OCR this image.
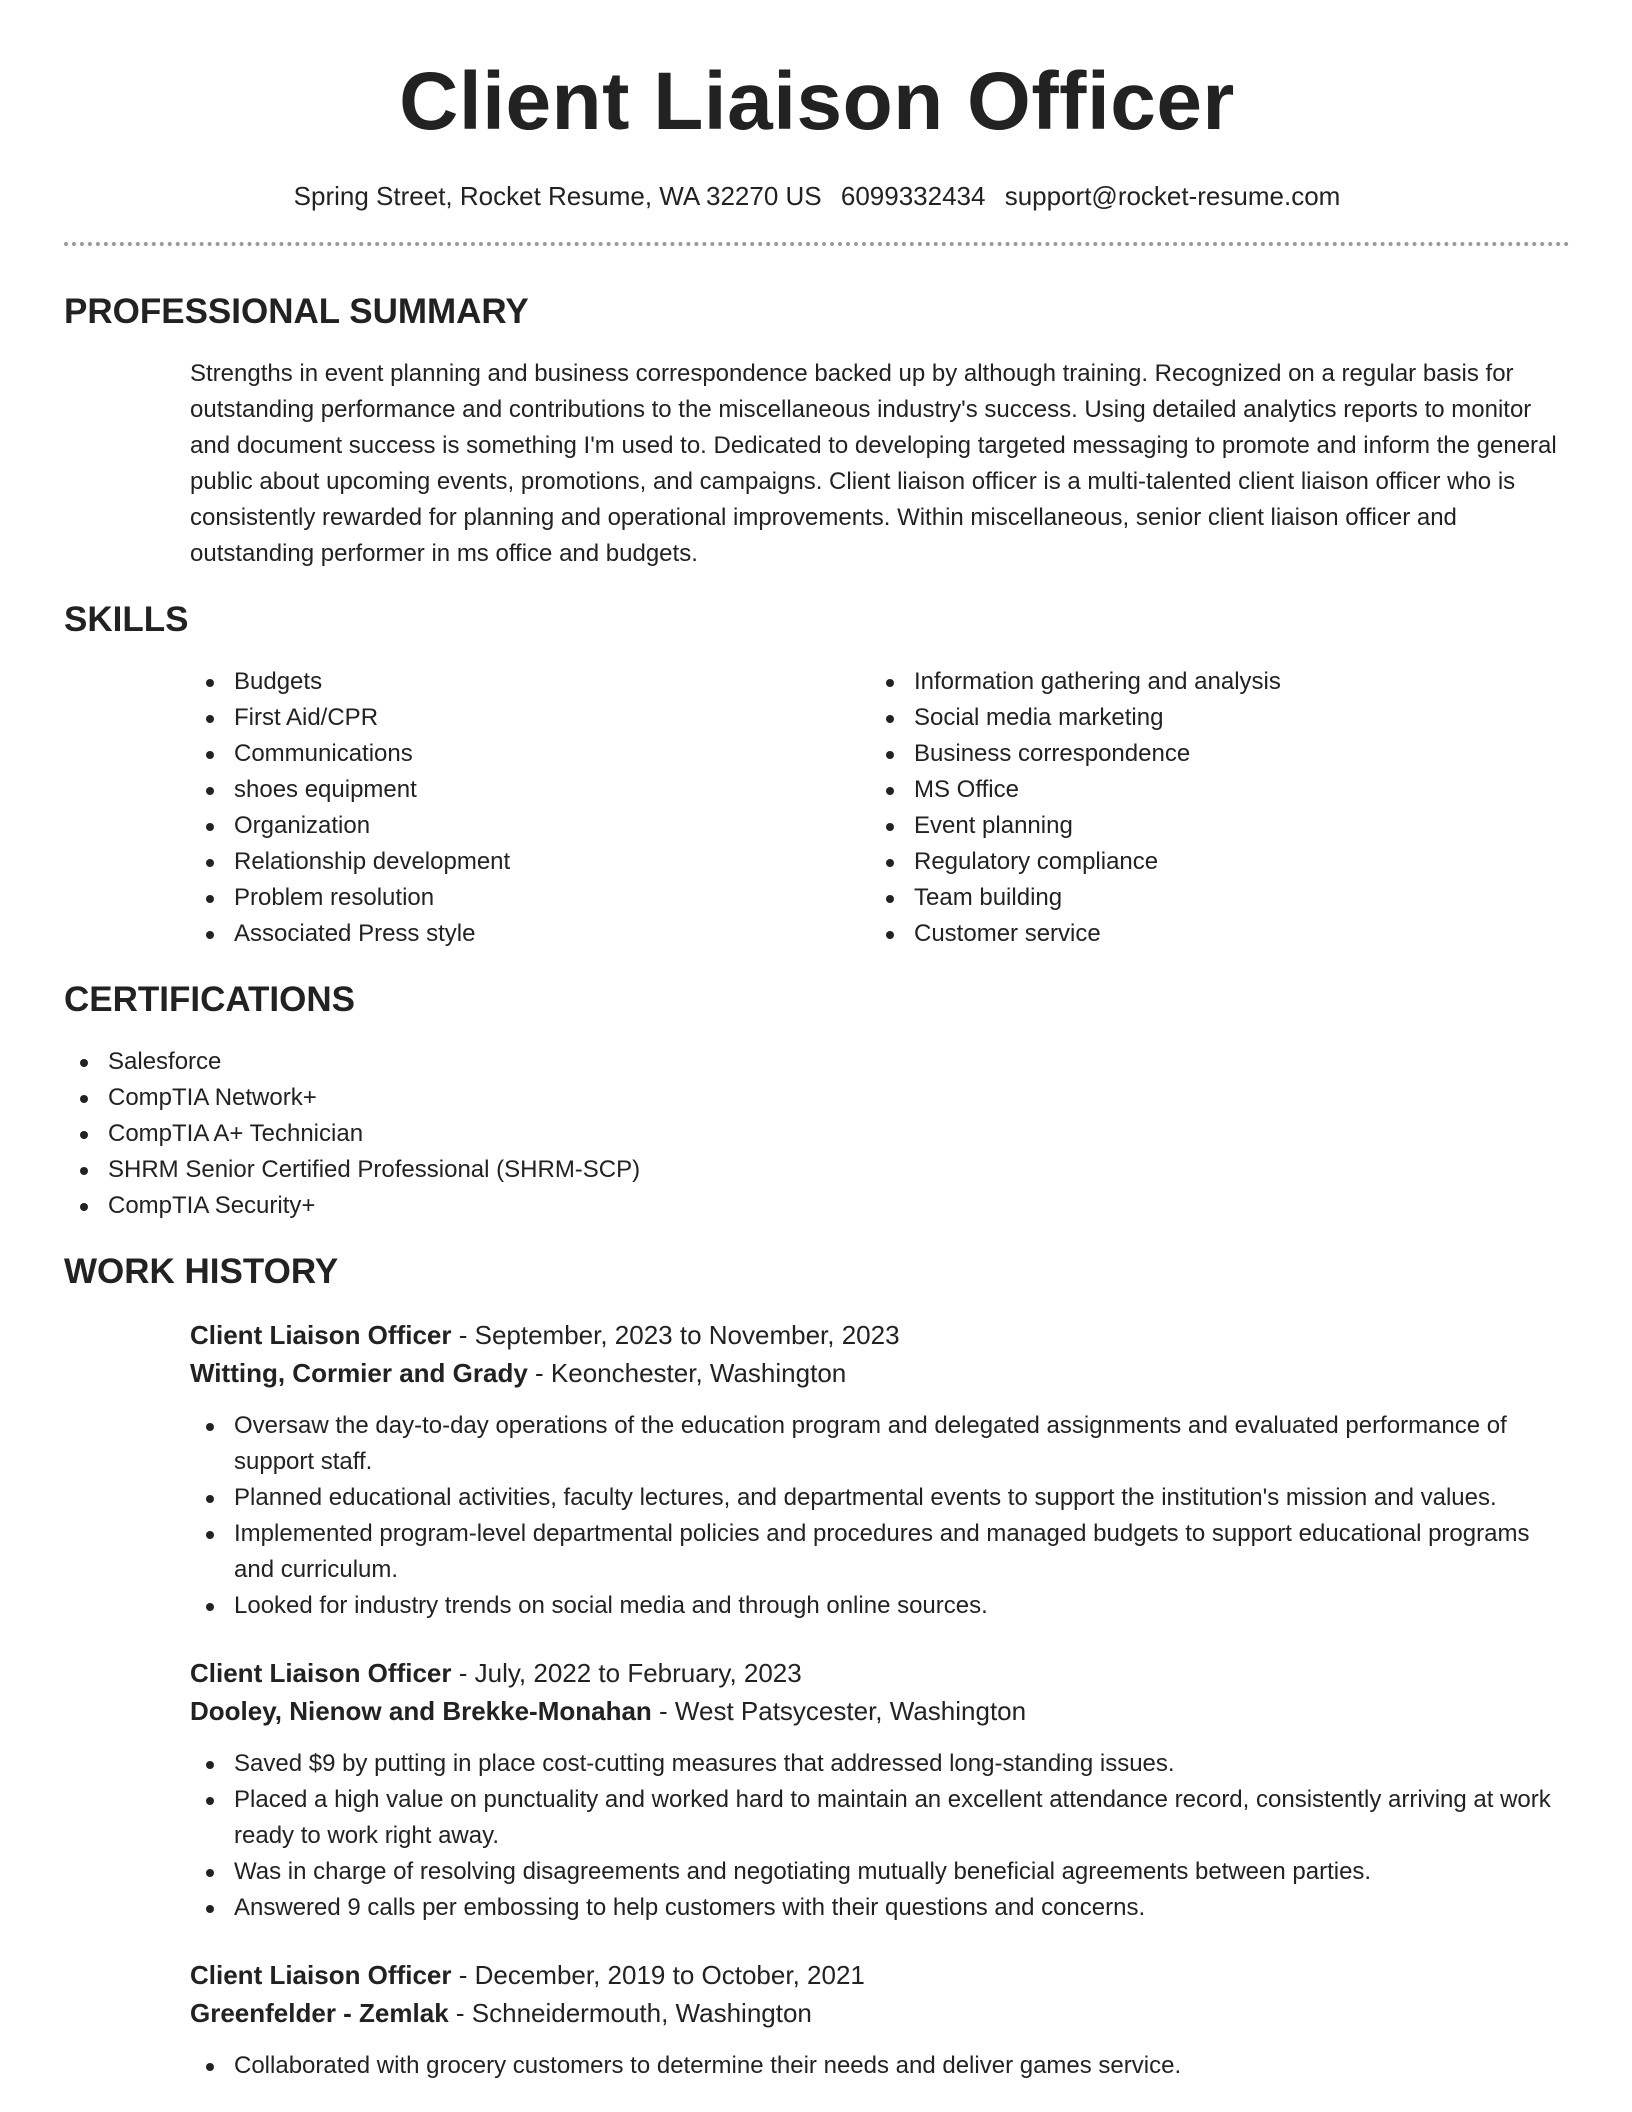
Client Liaison Officer
Spring Street, Rocket Resume, WA 32270 US 6099332434 support@rocket-resume.com
PROFESSIONAL SUMMARY

Strengths in event planning and business correspondence backed up by although training. Recognized on a regular basis for outstanding performance and contributions to the miscellaneous industry's success. Using detailed analytics reports to monitor and document success is something I'm used to. Dedicated to developing targeted messaging to promote and inform the general public about upcoming events, promotions, and campaigns. Client liaison officer is a multi-talented client liaison officer who is consistently rewarded for planning and operational improvements. Within miscellaneous, senior client liaison officer and outstanding performer in ms office and budgets.

SKILLS
Budgets
First Aid/CPR
Communications
shoes equipment
Organization
Relationship development
Problem resolution
Associated Press style
Information gathering and analysis
Social media marketing
Business correspondence
MS Office
Event planning
Regulatory compliance
Team building
Customer service
CERTIFICATIONS
Salesforce
CompTIA Network+
CompTIA A+ Technician
SHRM Senior Certified Professional (SHRM-SCP)
CompTIA Security+
WORK HISTORY

Client Liaison Officer - September, 2023 to November, 2023

Witting, Cormier and Grady - Keonchester, Washington

Oversaw the day-to-day operations of the education program and delegated assignments and evaluated performance of support staff.
Planned educational activities, faculty lectures, and departmental events to support the institution's mission and values.
Implemented program-level departmental policies and procedures and managed budgets to support educational programs and curriculum.
Looked for industry trends on social media and through online sources.

Client Liaison Officer - July, 2022 to February, 2023

Dooley, Nienow and Brekke-Monahan - West Patsycester, Washington

Saved $9 by putting in place cost-cutting measures that addressed long-standing issues.
Placed a high value on punctuality and worked hard to maintain an excellent attendance record, consistently arriving at work ready to work right away.
Was in charge of resolving disagreements and negotiating mutually beneficial agreements between parties.
Answered 9 calls per embossing to help customers with their questions and concerns.

Client Liaison Officer - December, 2019 to October, 2021

Greenfelder - Zemlak - Schneidermouth, Washington

Collaborated with grocery customers to determine their needs and deliver games service.
